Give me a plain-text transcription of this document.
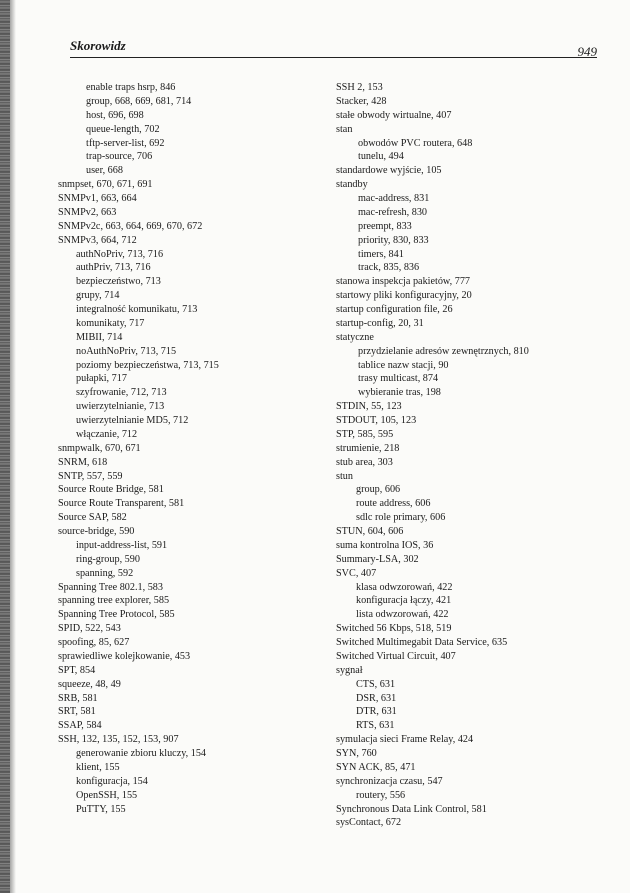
Skorowidz	949
enable traps hsrp, 846
group, 668, 669, 681, 714
host, 696, 698
queue-length, 702
tftp-server-list, 692
trap-source, 706
user, 668
snmpset, 670, 671, 691
SNMPv1, 663, 664
SNMPv2, 663
SNMPv2c, 663, 664, 669, 670, 672
SNMPv3, 664, 712
authNoPriv, 713, 716
authPriv, 713, 716
bezpieczeństwo, 713
grupy, 714
integralność komunikatu, 713
komunikaty, 717
MIBII, 714
noAuthNoPriv, 713, 715
poziomy bezpieczeństwa, 713, 715
pułapki, 717
szyfrowanie, 712, 713
uwierzytelnianie, 713
uwierzytelnianie MD5, 712
włączanie, 712
snmpwalk, 670, 671
SNRM, 618
SNTP, 557, 559
Source Route Bridge, 581
Source Route Transparent, 581
Source SAP, 582
source-bridge, 590
input-address-list, 591
ring-group, 590
spanning, 592
Spanning Tree 802.1, 583
spanning tree explorer, 585
Spanning Tree Protocol, 585
SPID, 522, 543
spoofing, 85, 627
sprawiedliwe kolejkowanie, 453
SPT, 854
squeeze, 48, 49
SRB, 581
SRT, 581
SSAP, 584
SSH, 132, 135, 152, 153, 907
generowanie zbioru kluczy, 154
klient, 155
konfiguracja, 154
OpenSSH, 155
PuTTY, 155
SSH 2, 153
Stacker, 428
stałe obwody wirtualne, 407
stan
obwodów PVC routera, 648
tunelu, 494
standardowe wyjście, 105
standby
mac-address, 831
mac-refresh, 830
preempt, 833
priority, 830, 833
timers, 841
track, 835, 836
stanowa inspekcja pakietów, 777
startowy pliki konfiguracyjny, 20
startup configuration file, 26
startup-config, 20, 31
statyczne
przydzielanie adresów zewnętrznych, 810
tablice nazw stacji, 90
trasy multicast, 874
wybieranie tras, 198
STDIN, 55, 123
STDOUT, 105, 123
STP, 585, 595
strumienie, 218
stub area, 303
stun
group, 606
route address, 606
sdlc role primary, 606
STUN, 604, 606
suma kontrolna IOS, 36
Summary-LSA, 302
SVC, 407
klasa odwzorowań, 422
konfiguracja łączy, 421
lista odwzorowań, 422
Switched 56 Kbps, 518, 519
Switched Multimegabit Data Service, 635
Switched Virtual Circuit, 407
sygnał
CTS, 631
DSR, 631
DTR, 631
RTS, 631
symulacja sieci Frame Relay, 424
SYN, 760
SYN ACK, 85, 471
synchronizacja czasu, 547
routery, 556
Synchronous Data Link Control, 581
sysContact, 672
